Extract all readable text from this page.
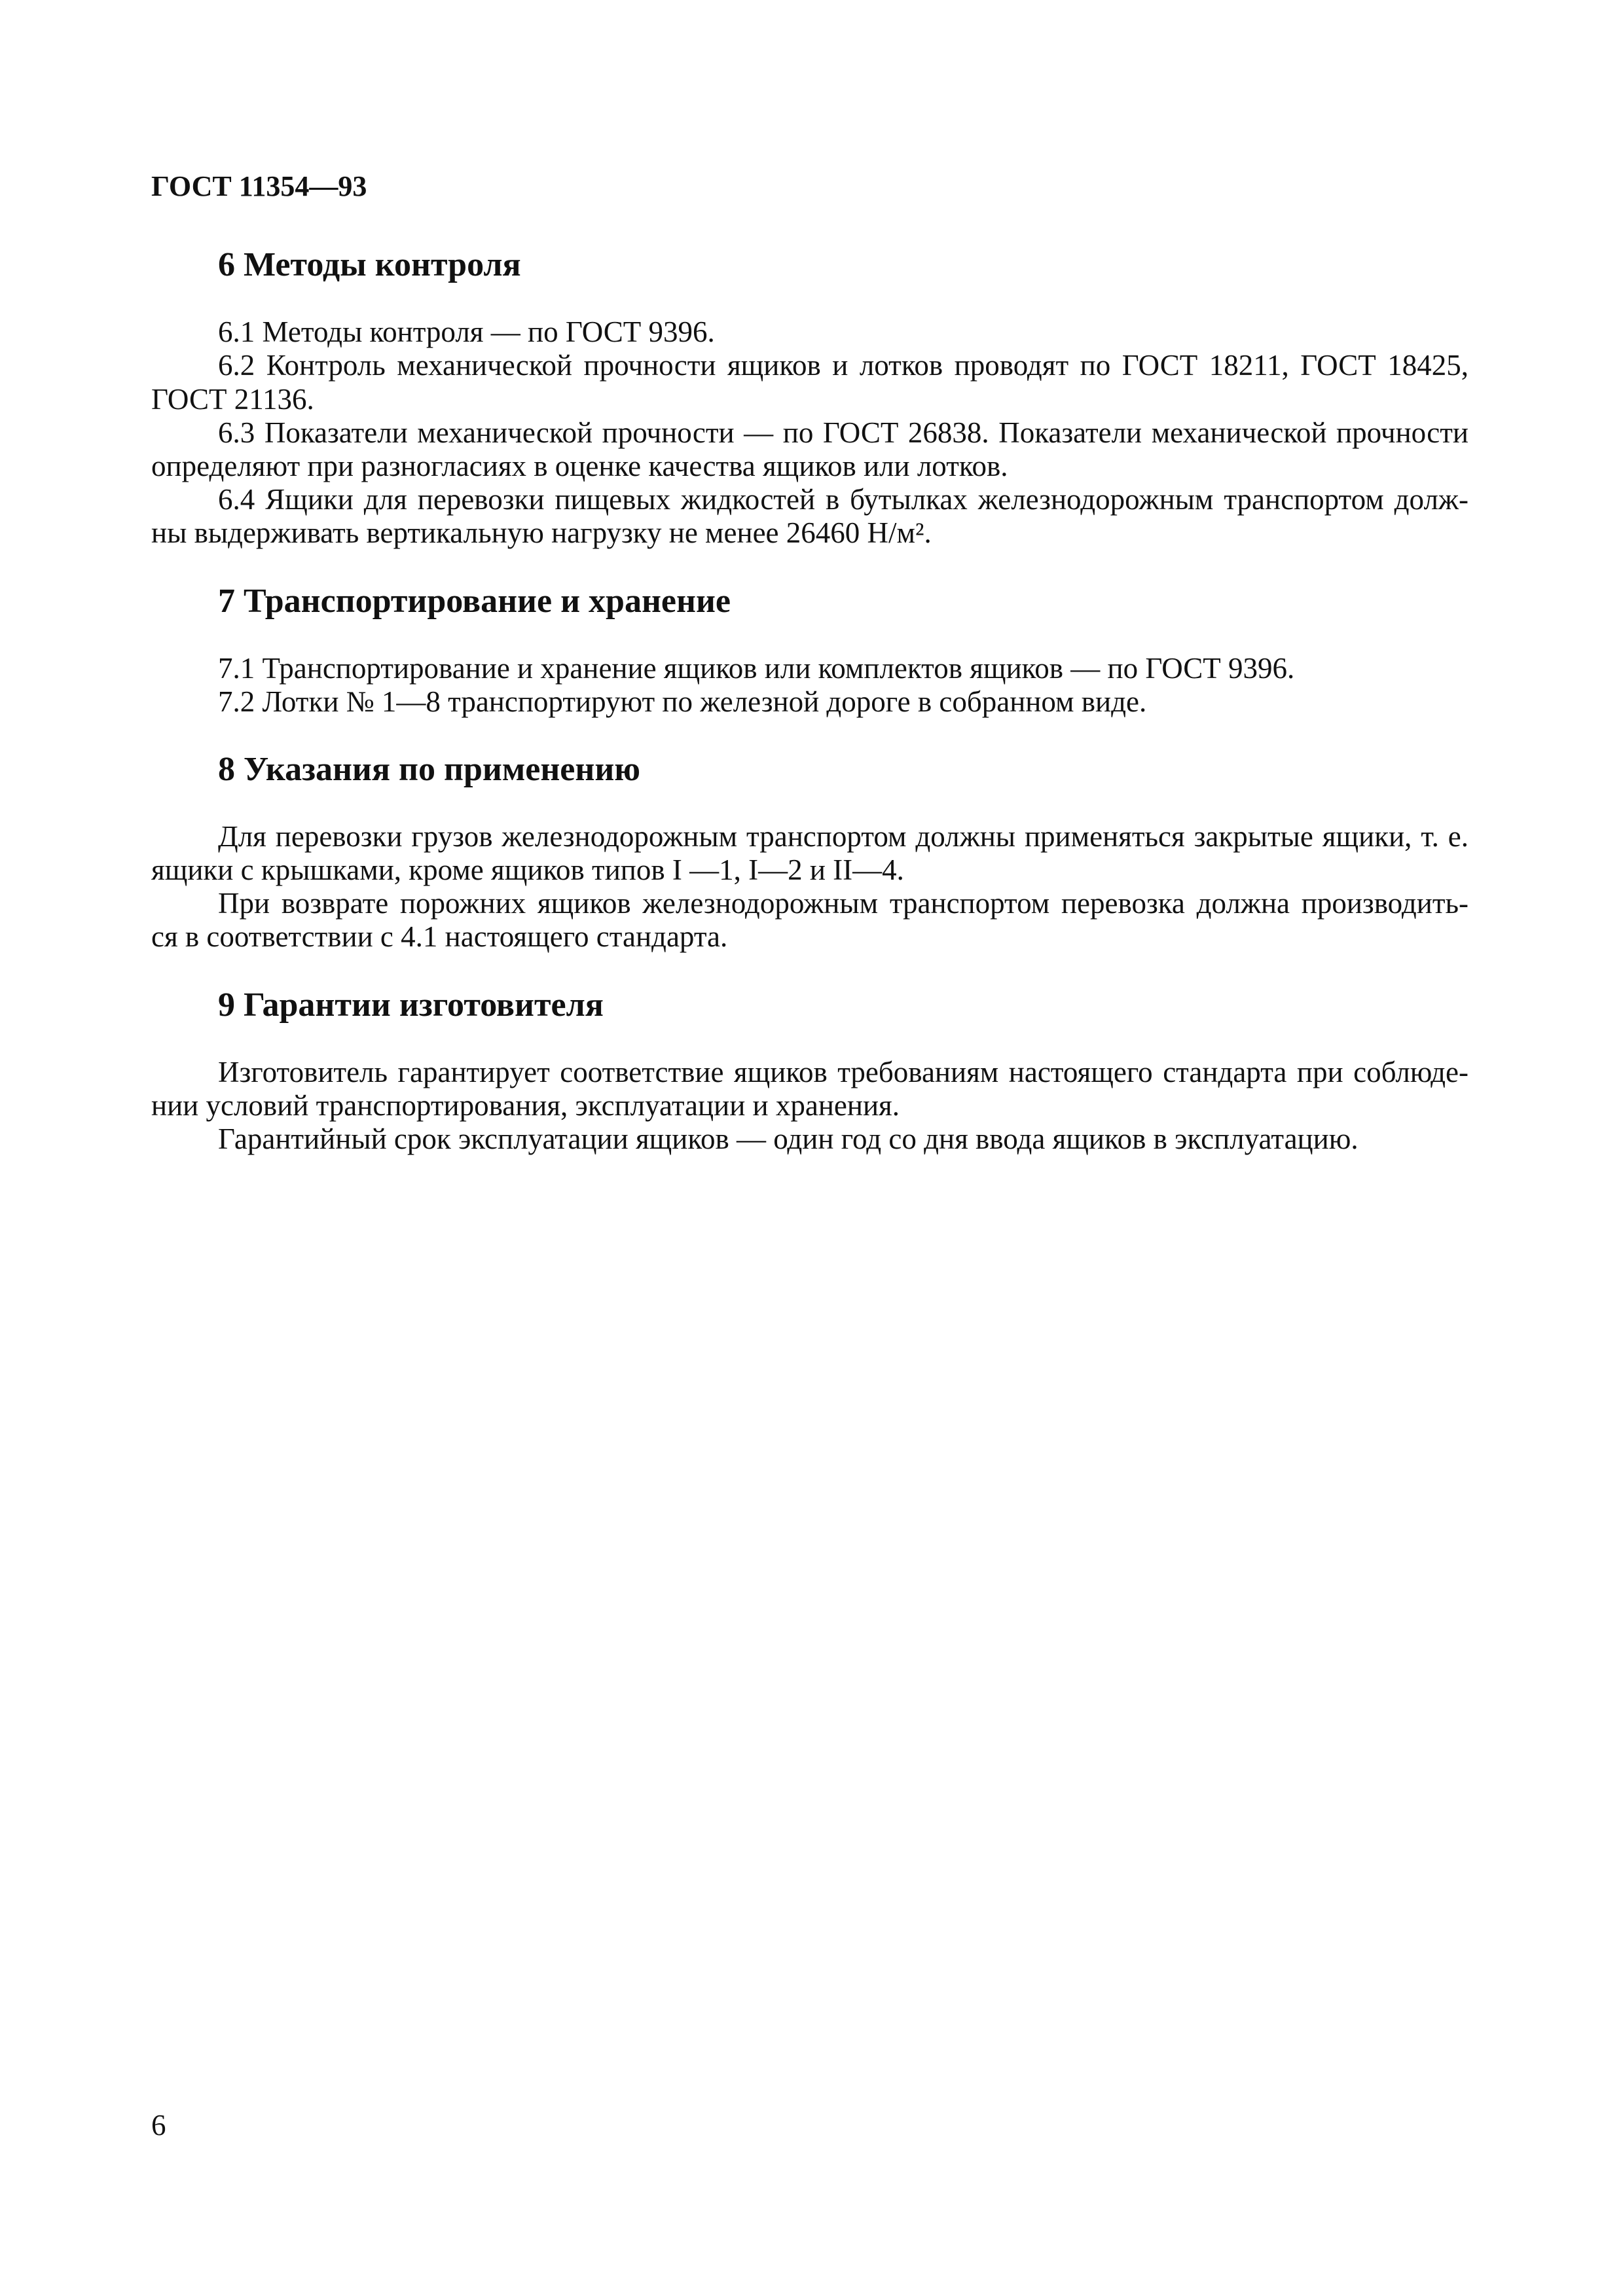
ГОСТ 11354—93
6 Методы контроля
6.1 Методы контроля — по ГОСТ 9396.
6.2 Контроль механической прочности ящиков и лотков проводят по ГОСТ 18211, ГОСТ 18425,
ГОСТ 21136.
6.3 Показатели механической прочности — по ГОСТ 26838. Показатели механической прочности
определяют при разногласиях в оценке качества ящиков или лотков.
6.4 Ящики для перевозки пищевых жидкостей в бутылках железнодорожным транспортом долж-
ны выдерживать вертикальную нагрузку не менее 26460 Н/м².
7 Транспортирование и хранение
7.1 Транспортирование и хранение ящиков или комплектов ящиков — по ГОСТ 9396.
7.2 Лотки № 1—8 транспортируют по железной дороге в собранном виде.
8 Указания по применению
Для перевозки грузов железнодорожным транспортом должны применяться закрытые ящики, т. е.
ящики с крышками, кроме ящиков типов I —1, I—2 и II—4.
При возврате порожних ящиков железнодорожным транспортом перевозка должна производить-
ся в соответствии с 4.1 настоящего стандарта.
9 Гарантии изготовителя
Изготовитель гарантирует соответствие ящиков требованиям настоящего стандарта при соблюде-
нии условий транспортирования, эксплуатации и хранения.
Гарантийный срок эксплуатации ящиков — один год со дня ввода ящиков в эксплуатацию.
6
